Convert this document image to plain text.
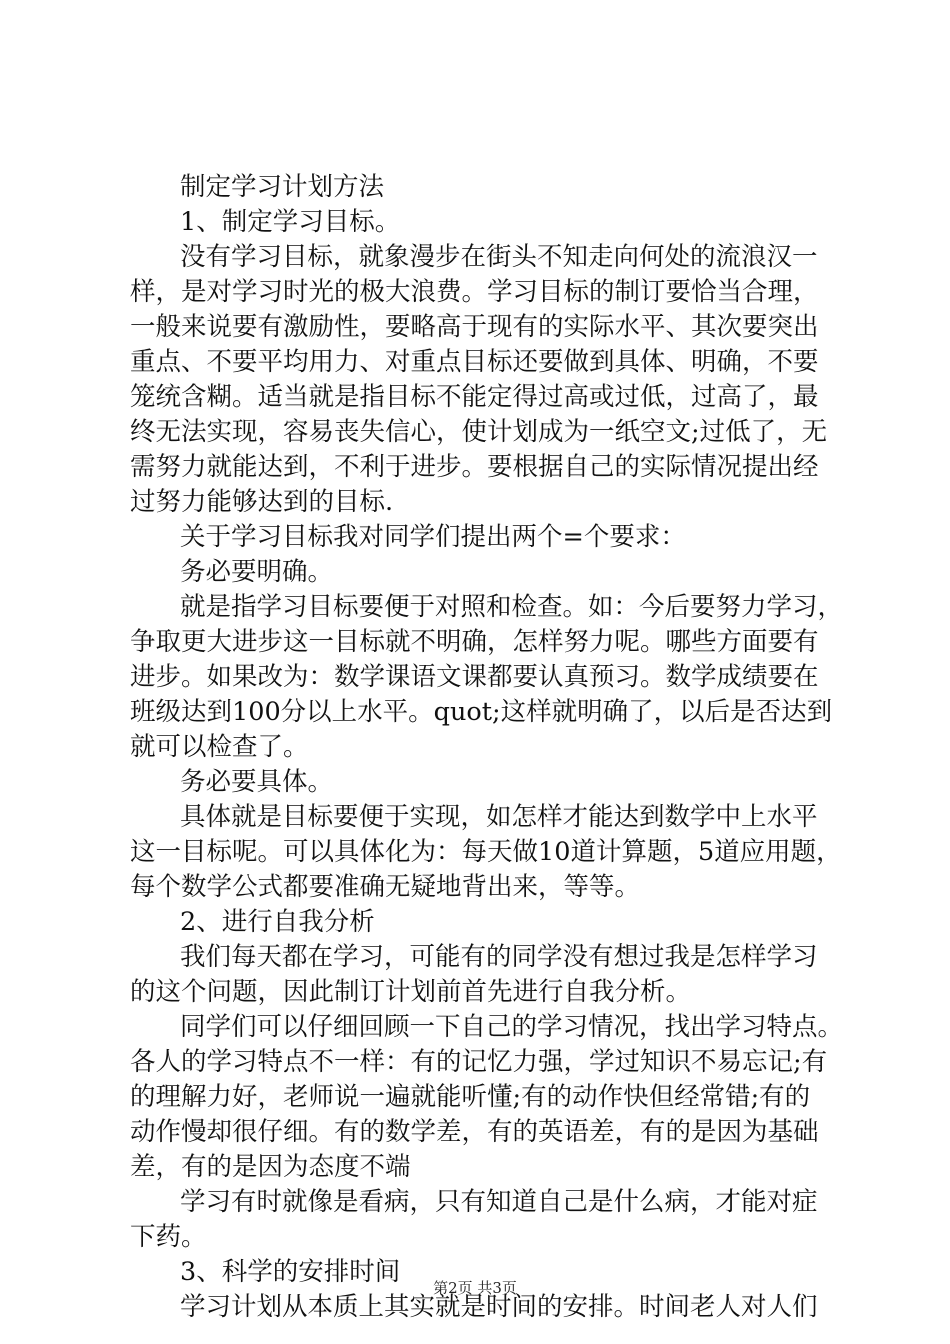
制定学习计划方法
1、制定学习目标。
没有学习目标，就象漫步在街头不知走向何处的流浪汉一
样，是对学习时光的极大浪费。学习目标的制订要恰当合理，
一般来说要有激励性，要略高于现有的实际水平、其次要突出
重点、不要平均用力、对重点目标还要做到具体、明确，不要
笼统含糊。适当就是指目标不能定得过高或过低，过高了，最
终无法实现，容易丧失信心，使计划成为一纸空文;过低了，无
需努力就能达到，不利于进步。要根据自己的实际情况提出经
过努力能够达到的目标.
关于学习目标我对同学们提出两个=个要求：
务必要明确。
就是指学习目标要便于对照和检查。如：今后要努力学习，
争取更大进步这一目标就不明确，怎样努力呢。哪些方面要有
进步。如果改为：数学课语文课都要认真预习。数学成绩要在
班级达到100分以上水平。quot;这样就明确了，以后是否达到
就可以检查了。
务必要具体。
具体就是目标要便于实现，如怎样才能达到数学中上水平
这一目标呢。可以具体化为：每天做10道计算题，5道应用题，
每个数学公式都要准确无疑地背出来，等等。
2、进行自我分析
我们每天都在学习，可能有的同学没有想过我是怎样学习
的这个问题，因此制订计划前首先进行自我分析。
同学们可以仔细回顾一下自己的学习情况，找出学习特点。
各人的学习特点不一样：有的记忆力强，学过知识不易忘记;有
的理解力好，老师说一遍就能听懂;有的动作快但经常错;有的
动作慢却很仔细。有的数学差，有的英语差，有的是因为基础
差，有的是因为态度不端
学习有时就像是看病，只有知道自己是什么病，才能对症
下药。
3、科学的安排时间
学习计划从本质上其实就是时间的安排。时间老人对人们
第2页 共3页
